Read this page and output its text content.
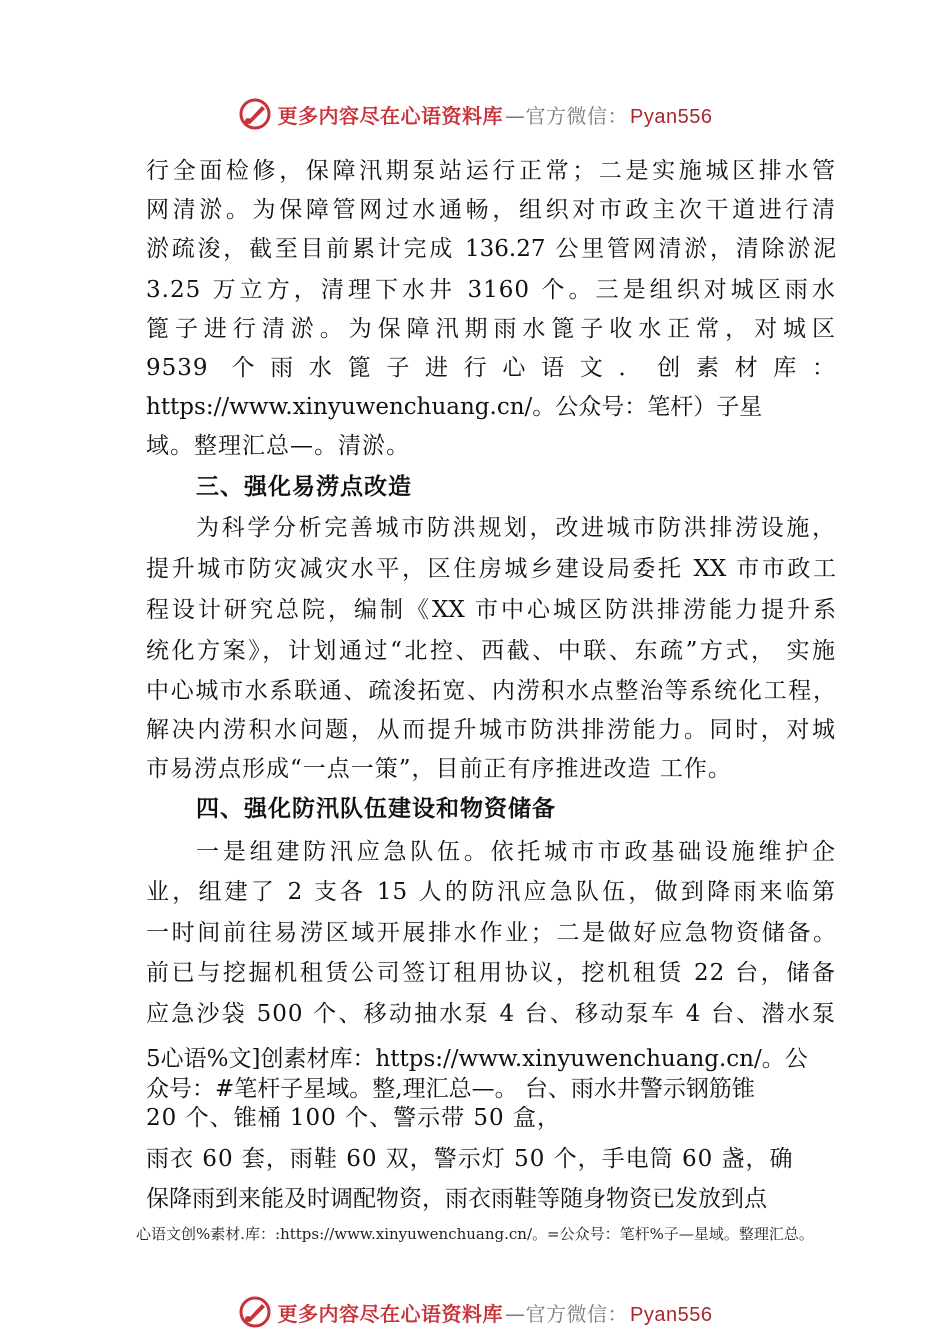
更多内容尽在心语资料库 —官方微信： Pyan556
行全面检修，保障汛期泵站运行正常；二是实施城区排水管
网清淤。为保障管网过水通畅，组织对市政主次干道进行清
淤疏浚，截至目前累计完成 136.27 公里管网清淤，清除淤泥
3.25 万立方，清理下水井 3160 个。三是组织对城区雨水
篦子进行清淤。为保障汛期雨水篦子收水正常，对城区
9539 个雨水篦子进行心语文．创素材库：
https://www.xinyuwenchuang.cn/。公众号：笔杆）子星
域。整理汇总—。清淤。
三、强化易涝点改造
为科学分析完善城市防洪规划，改进城市防洪排涝设施，
提升城市防灾减灾水平，区住房城乡建设局委托 XX 市市政工
程设计研究总院，编制《XX 市中心城区防洪排涝能力提升系
统化方案》，计划通过“北控、西截、中联、东疏”方式， 实施
中心城市水系联通、疏浚拓宽、内涝积水点整治等系统化工程，
解决内涝积水问题，从而提升城市防洪排涝能力。同时，对城
市易涝点形成“一点一策”，目前正有序推进改造 工作。
四、强化防汛队伍建设和物资储备
一是组建防汛应急队伍。依托城市市政基础设施维护企
业，组建了 2 支各 15 人的防汛应急队伍，做到降雨来临第
一时间前往易涝区域开展排水作业；二是做好应急物资储备。
前已与挖掘机租赁公司签订租用协议，挖机租赁 22 台，储备
应急沙袋 500 个、移动抽水泵 4 台、移动泵车 4 台、潜水泵
5心语%文]创素材库：https://www.xinyuwenchuang.cn/。公
众号：#笔杆子星域。整,理汇总—。 台、雨水井警示钢筋锥
20 个、锥桶 100 个、警示带 50 盒，
雨衣 60 套，雨鞋 60 双，警示灯 50 个，手电筒 60 盏，确
保降雨到来能及时调配物资，雨衣雨鞋等随身物资已发放到点
心语文创%素材.库：:https://www.xinyuwenchuang.cn/。=公众号：笔杆%子—星域。整理汇总。
更多内容尽在心语资料库 —官方微信： Pyan556
